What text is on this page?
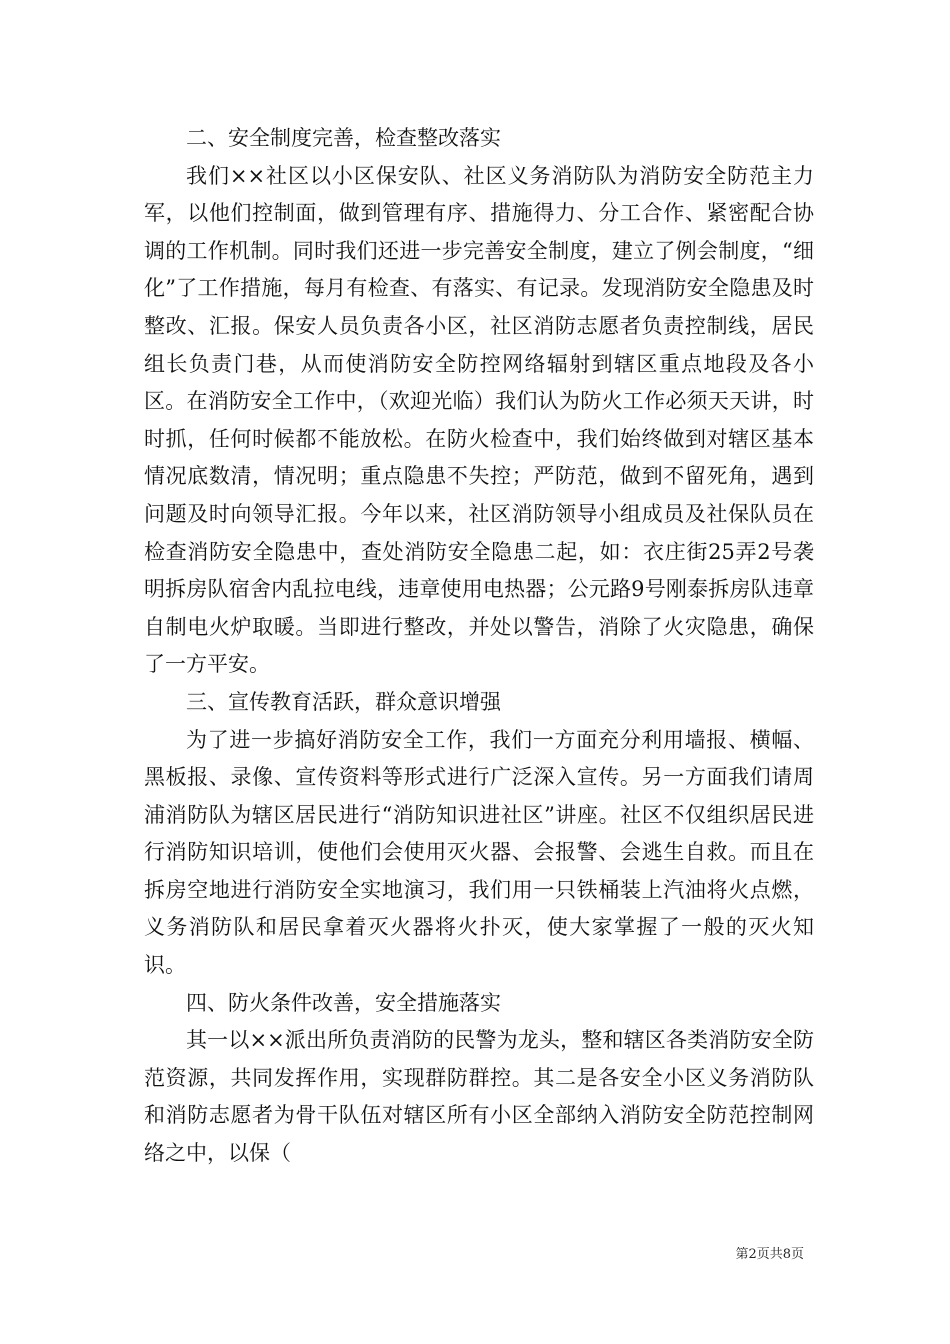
二、安全制度完善，检查整改落实

我们××社区以小区保安队、社区义务消防队为消防安全防范主力军，以他们控制面，做到管理有序、措施得力、分工合作、紧密配合协调的工作机制。同时我们还进一步完善安全制度，建立了例会制度，“细化”了工作措施，每月有检查、有落实、有记录。发现消防安全隐患及时整改、汇报。保安人员负责各小区，社区消防志愿者负责控制线，居民组长负责门巷，从而使消防安全防控网络辐射到辖区重点地段及各小区。在消防安全工作中，（欢迎光临）我们认为防火工作必须天天讲，时时抓，任何时候都不能放松。在防火检查中，我们始终做到对辖区基本情况底数清，情况明；重点隐患不失控；严防范，做到不留死角，遇到问题及时向领导汇报。今年以来，社区消防领导小组成员及社保队员在检查消防安全隐患中，查处消防安全隐患二起，如：衣庄街25弄2号袭明拆房队宿舍内乱拉电线，违章使用电热器；公元路9号刚泰拆房队违章自制电火炉取暖。当即进行整改，并处以警告，消除了火灾隐患，确保了一方平安。

三、宣传教育活跃，群众意识增强

为了进一步搞好消防安全工作，我们一方面充分利用墙报、横幅、黑板报、录像、宣传资料等形式进行广泛深入宣传。另一方面我们请周浦消防队为辖区居民进行“消防知识进社区”讲座。社区不仅组织居民进行消防知识培训，使他们会使用灭火器、会报警、会逃生自救。而且在拆房空地进行消防安全实地演习，我们用一只铁桶装上汽油将火点燃，义务消防队和居民拿着灭火器将火扑灭，使大家掌握了一般的灭火知识。

四、防火条件改善，安全措施落实

其一以××派出所负责消防的民警为龙头，整和辖区各类消防安全防范资源，共同发挥作用，实现群防群控。其二是各安全小区义务消防队和消防志愿者为骨干队伍对辖区所有小区全部纳入消防安全防范控制网络之中，以保（

第2页共8页
